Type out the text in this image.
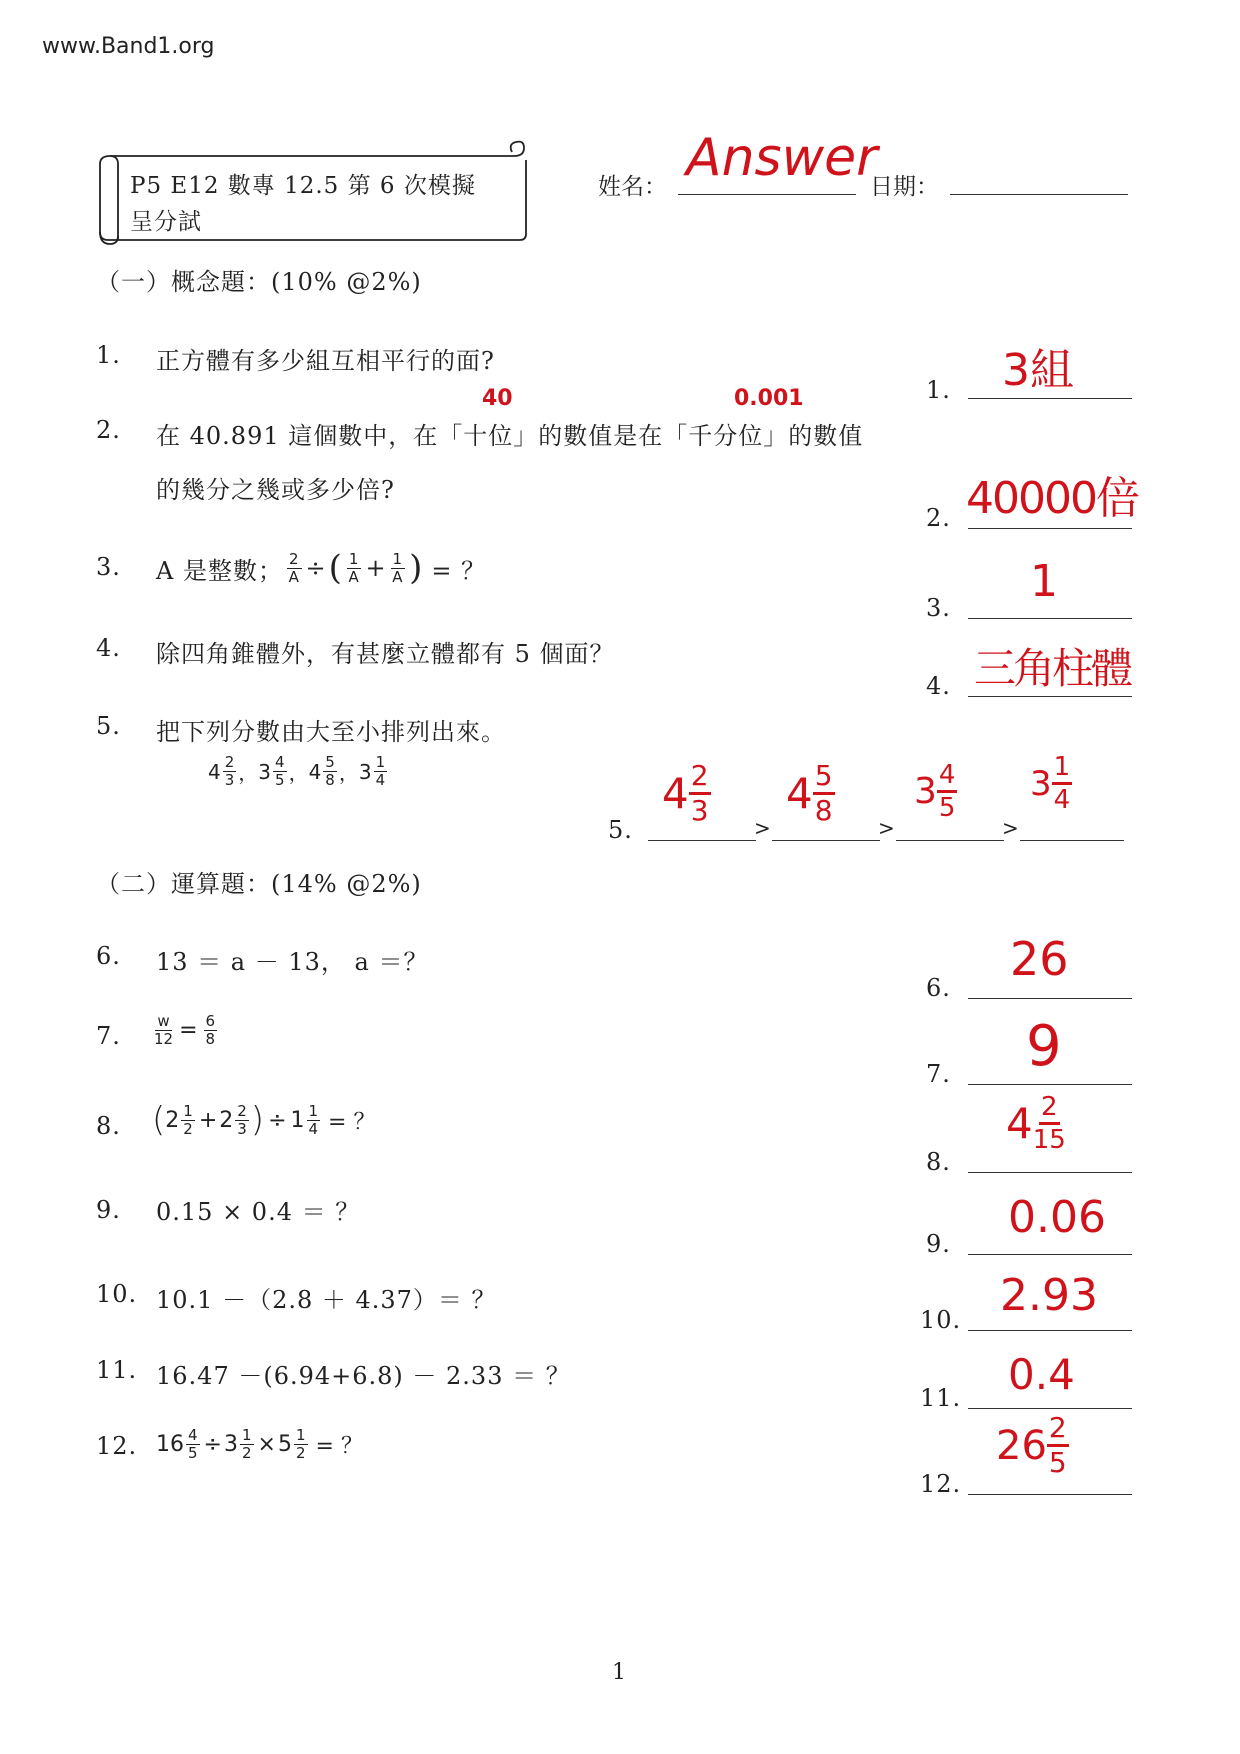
www.Band1.org
P5 E12 數專 12.5 第 6 次模擬
呈分試
姓名： Answer
日期：
（一）概念題：(10% @2%)
1. 正方體有多少組互相平行的面?
2. 在 40.891 這個數中，在「十位」的數值是在「千分位」的數值
的幾分之幾或多少倍?
40	0.001
3. A 是整數； $\frac{2}{A}$ ÷ ( $\frac{1}{A} + \frac{1}{A}$ ) = ？
4. 除四角錐體外，有甚麼立體都有 5 個面？
5. 把下列分數由大至小排列出來。
$4 \frac{2}{3}$ ， $3 \frac{4}{5}$ ， $4 \frac{5}{8}$ ， $3 \frac{1}{4}$
（二）運算題：(14% @2%)
6. 13 ＝ a － 13， a ＝？
7. $\frac{w}{12} = \frac{6}{8}$
8. ( $2 \frac{1}{2} + 2 \frac{2}{3}$ ) ÷ $1 \frac{1}{4}$ = ？
9. 0.15 × 0.4 ＝ ？
10. 10.1 －（2.8 ＋ 4.37）＝ ？
11. 16.47 －(6.94+6.8) － 2.33 ＝ ？
12. $16 \frac{4}{5} \div 3 \frac{1}{2} \times 5 \frac{1}{2}$ = ？
1. 3組
2. 40000倍
3.
1
4. 三角柱體
5.	>	>	>
4 2
3 4 5
8 3 4
5
3 1
4
6.
26
7. 9
8.
4 2
15
9.
0.06
10. 2.93
11. 0.4
12.
26 2
5
1
